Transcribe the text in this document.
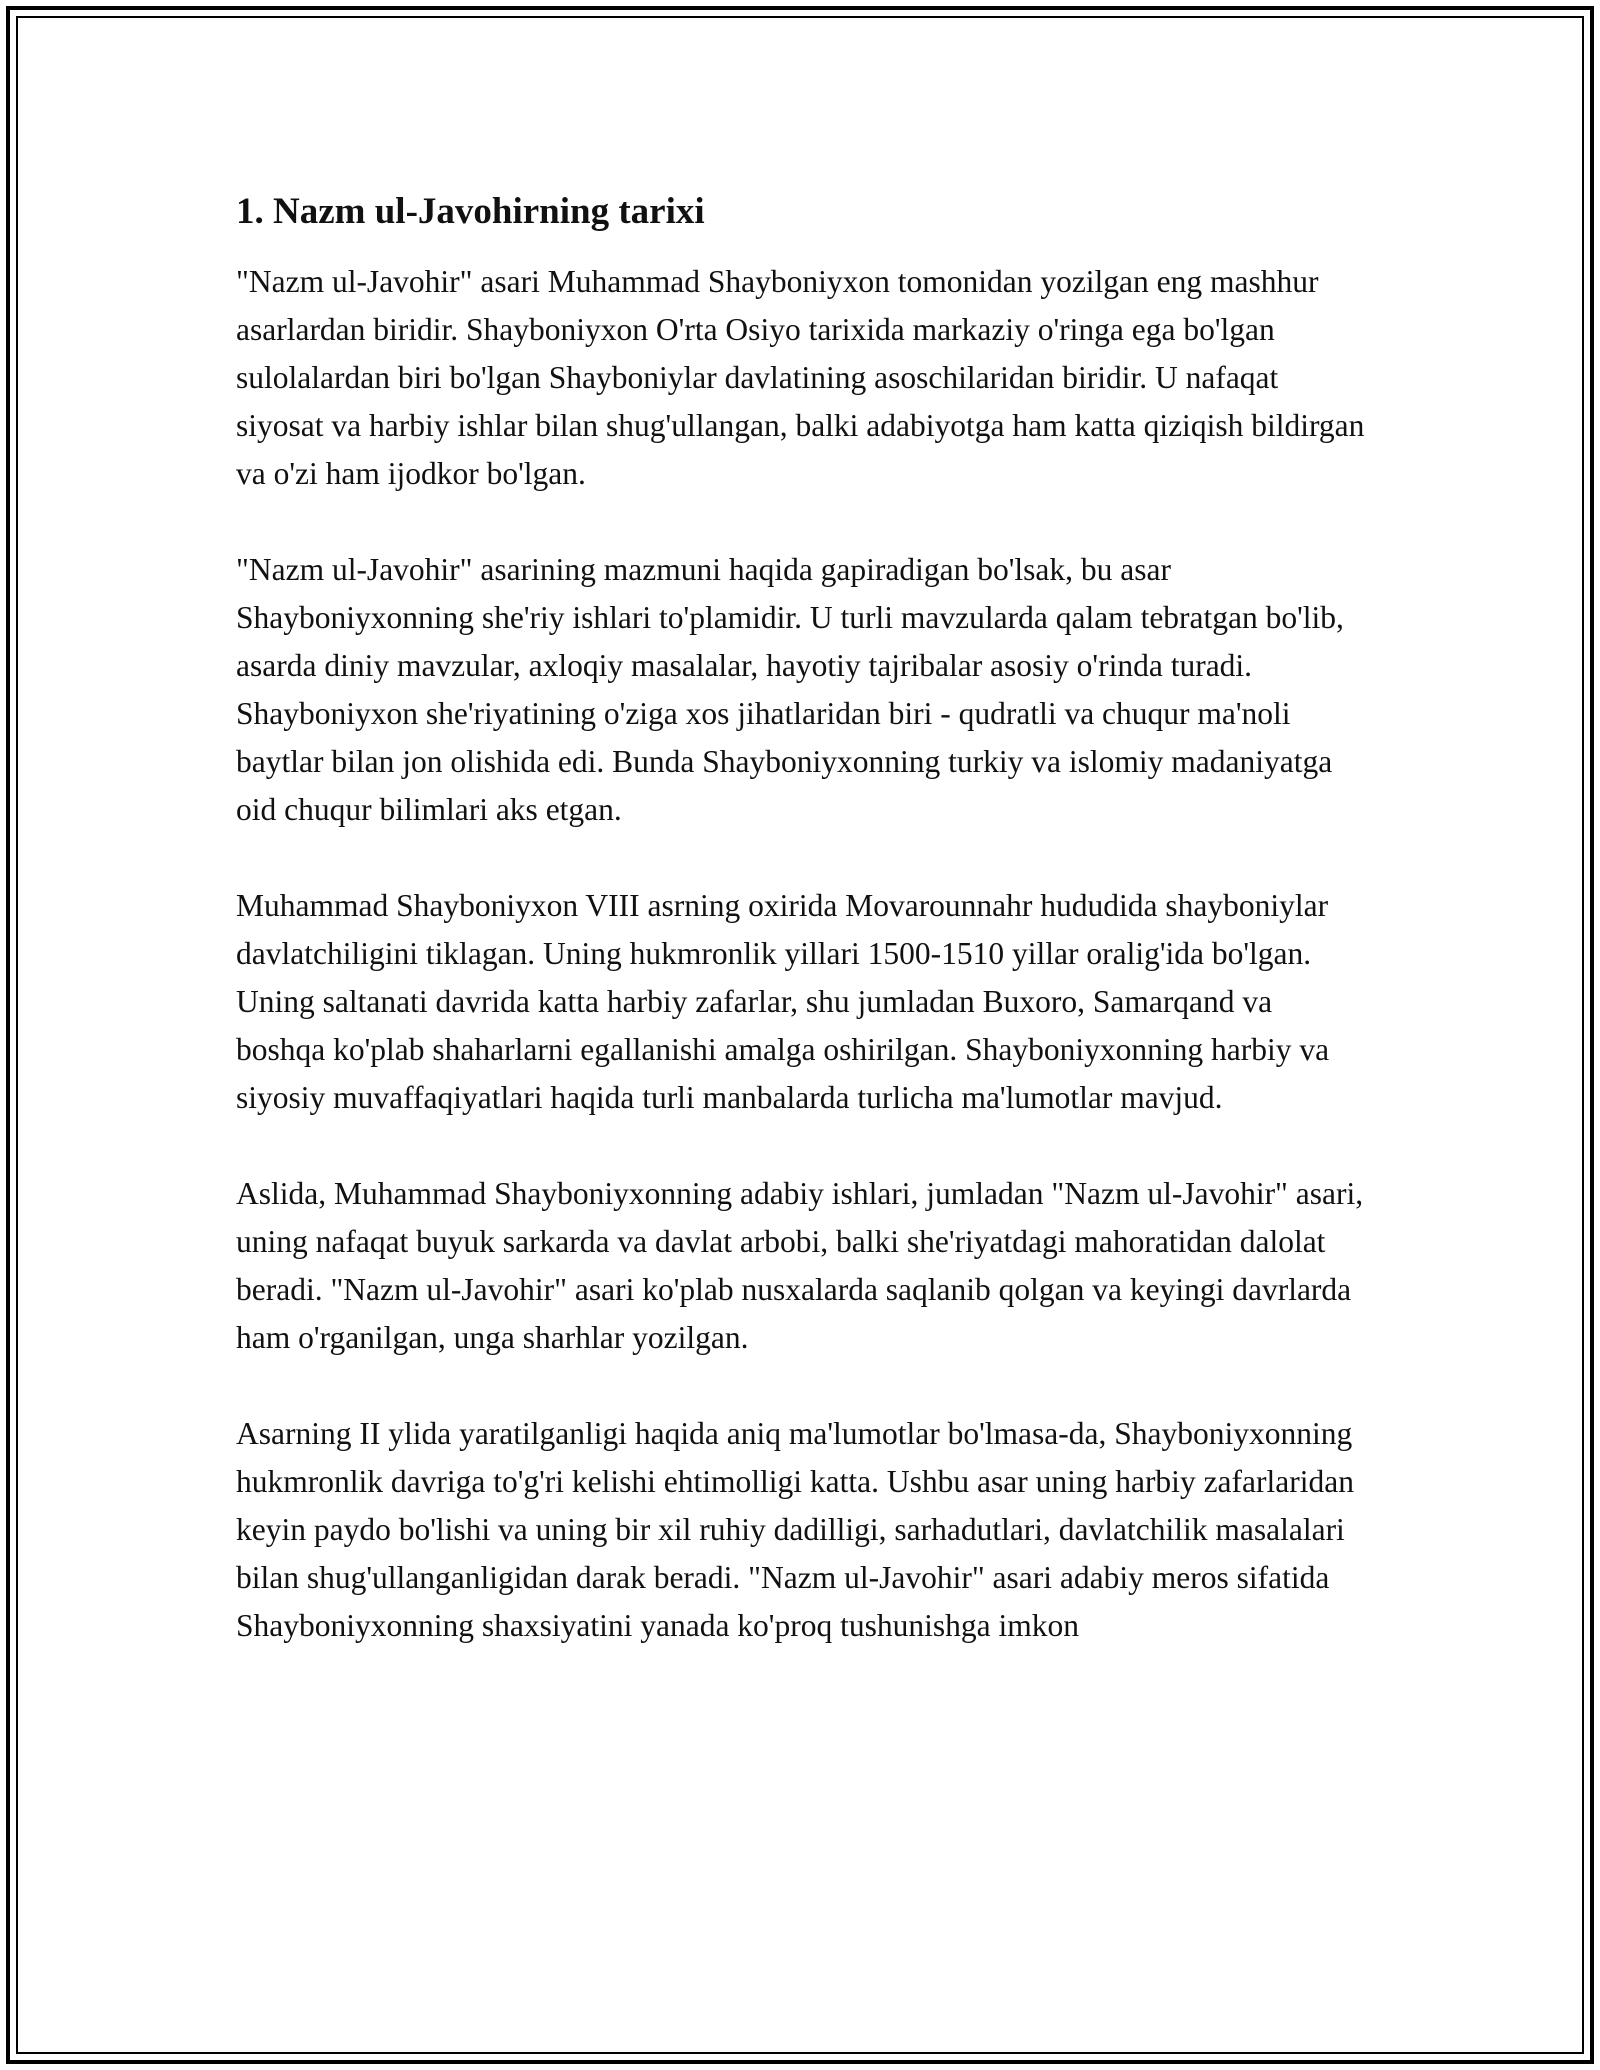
1. Nazm ul-Javohirning tarixi

"Nazm ul-Javohir" asari Muhammad Shayboniyxon tomonidan yozilgan eng mashhur asarlardan biridir. Shayboniyxon O'rta Osiyo tarixida markaziy o'ringa ega bo'lgan sulolalardan biri bo'lgan Shayboniylar davlatining asoschilaridan biridir. U nafaqat siyosat va harbiy ishlar bilan shug'ullangan, balki adabiyotga ham katta qiziqish bildirgan va o'zi ham ijodkor bo'lgan.

"Nazm ul-Javohir" asarining mazmuni haqida gapiradigan bo'lsak, bu asar Shayboniyxonning she'riy ishlari to'plamidir. U turli mavzularda qalam tebratgan bo'lib, asarda diniy mavzular, axloqiy masalalar, hayotiy tajribalar asosiy o'rinda turadi. Shayboniyxon she'riyatining o'ziga xos jihatlaridan biri - qudratli va chuqur ma'noli baytlar bilan jon olishida edi. Bunda Shayboniyxonning turkiy va islomiy madaniyatga oid chuqur bilimlari aks etgan.

Muhammad Shayboniyxon VIII asrning oxirida Movarounnahr hududida shayboniylar davlatchiligini tiklagan. Uning hukmronlik yillari 1500-1510 yillar oralig'ida bo'lgan. Uning saltanati davrida katta harbiy zafarlar, shu jumladan Buxoro, Samarqand va boshqa ko'plab shaharlarni egallanishi amalga oshirilgan. Shayboniyxonning harbiy va siyosiy muvaffaqiyatlari haqida turli manbalarda turlicha ma'lumotlar mavjud.

Aslida, Muhammad Shayboniyxonning adabiy ishlari, jumladan "Nazm ul-Javohir" asari, uning nafaqat buyuk sarkarda va davlat arbobi, balki she'riyatdagi mahoratidan dalolat beradi. "Nazm ul-Javohir" asari ko'plab nusxalarda saqlanib qolgan va keyingi davrlarda ham o'rganilgan, unga sharhlar yozilgan.

Asarning II ylida yaratilganligi haqida aniq ma'lumotlar bo'lmasa-da, Shayboniyxonning hukmronlik davriga to'g'ri kelishi ehtimolligi katta. Ushbu asar uning harbiy zafarlaridan keyin paydo bo'lishi va uning bir xil ruhiy dadilligi, sarhadutlari, davlatchilik masalalari bilan shug'ullanganligidan darak beradi. "Nazm ul-Javohir" asari adabiy meros sifatida Shayboniyxonning shaxsiyatini yanada ko'proq tushunishga imkon
